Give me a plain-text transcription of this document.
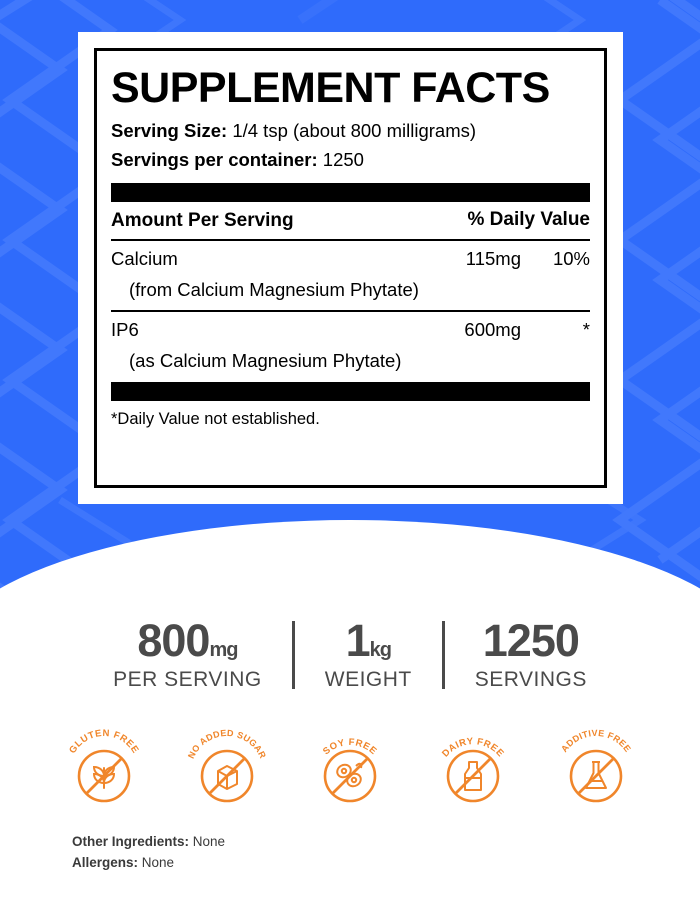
SUPPLEMENT FACTS
Serving Size: 1/4 tsp (about 800 milligrams)
Servings per container: 1250
Amount Per Serving	% Daily Value
Calcium	115mg	10%
(from Calcium Magnesium Phytate)
IP6	600mg	*
(as Calcium Magnesium Phytate)
*Daily Value not established.
800mg
PER SERVING
1kg
WEIGHT
1250
SERVINGS
GLUTEN FREE	NO ADDED SUGAR	SOY FREE	DAIRY FREE	ADDITIVE FREE
Other Ingredients: None
Allergens: None
